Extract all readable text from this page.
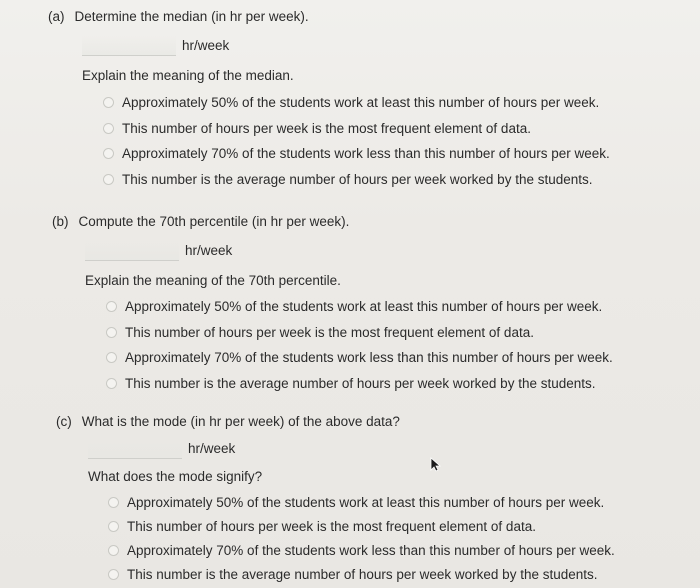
(a) Determine the median (in hr per week).
hr/week
Explain the meaning of the median.
Approximately 50% of the students work at least this number of hours per week.
This number of hours per week is the most frequent element of data.
Approximately 70% of the students work less than this number of hours per week.
This number is the average number of hours per week worked by the students.
(b) Compute the 70th percentile (in hr per week).
hr/week
Explain the meaning of the 70th percentile.
Approximately 50% of the students work at least this number of hours per week.
This number of hours per week is the most frequent element of data.
Approximately 70% of the students work less than this number of hours per week.
This number is the average number of hours per week worked by the students.
(c) What is the mode (in hr per week) of the above data?
hr/week
What does the mode signify?
Approximately 50% of the students work at least this number of hours per week.
This number of hours per week is the most frequent element of data.
Approximately 70% of the students work less than this number of hours per week.
This number is the average number of hours per week worked by the students.
